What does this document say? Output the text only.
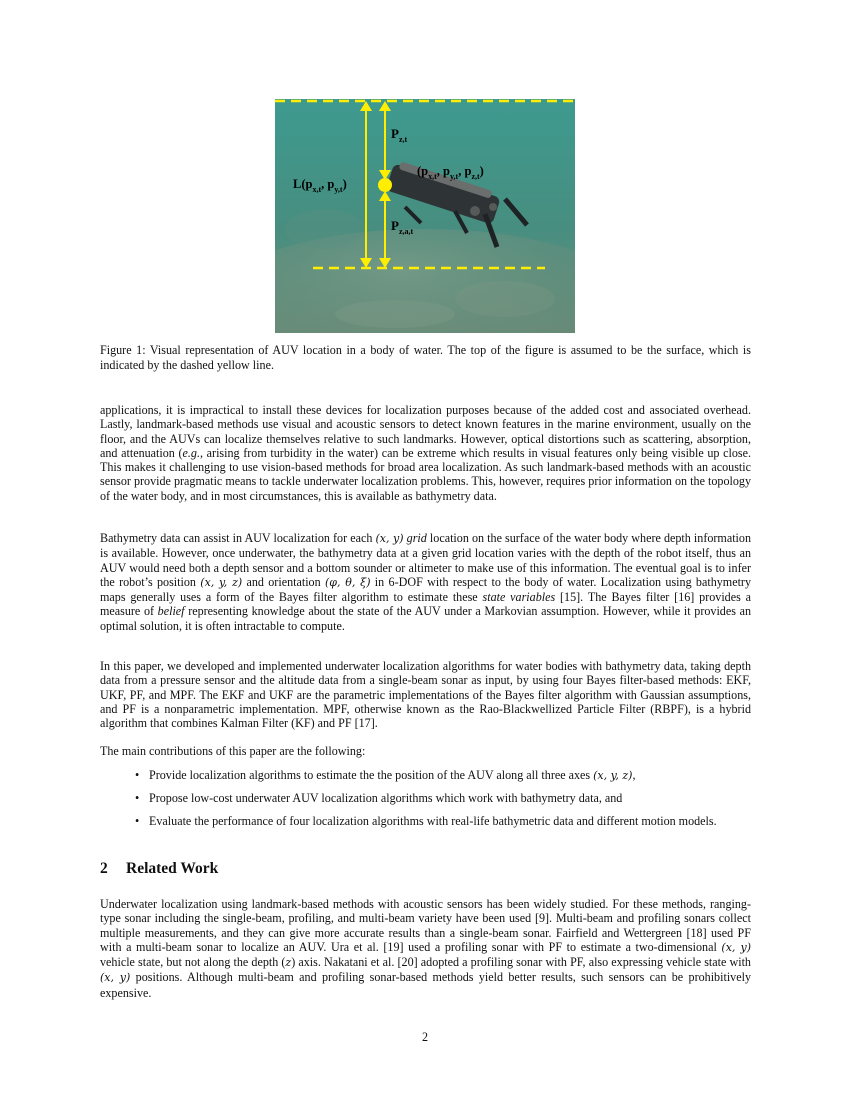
$P_{z,t}$
$L(p_{x,t}$, $p_{y,t}$)
($p_{x,t}$, $p_{y,t}$, $p_{z,t}$)
$P_{z,a,t}$
Figure 1: Visual representation of AUV location in a body of water. The top of the figure is assumed to be the surface, which is indicated by the dashed yellow line.

applications, it is impractical to install these devices for localization purposes because of the added cost and associated overhead. Lastly, landmark-based methods use visual and acoustic sensors to detect known features in the marine environment, usually on the floor, and the AUVs can localize themselves relative to such landmarks. However, optical distortions such as scattering, absorption, and attenuation (e.g., arising from turbidity in the water) can be extreme which results in visual features only being visible up close. This makes it challenging to use vision-based methods for broad area localization. As such landmark-based methods with an acoustic sensor provide pragmatic means to tackle underwater localization problems. This, however, requires prior information on the topology of the water body, and in most circumstances, this is available as bathymetry data.

Bathymetry data can assist in AUV localization for each (x, y) grid location on the surface of the water body where depth information is available. However, once underwater, the bathymetry data at a given grid location varies with the depth of the robot itself, thus an AUV would need both a depth sensor and a bottom sounder or altimeter to make use of this information. The eventual goal is to infer the robot’s position (x, y, z) and orientation (φ, θ, ξ) in 6-DOF with respect to the body of water. Localization using bathymetry maps generally uses a form of the Bayes filter algorithm to estimate these state variables [15]. The Bayes filter [16] provides a measure of belief representing knowledge about the state of the AUV under a Markovian assumption. However, while it provides an optimal solution, it is often intractable to compute.

In this paper, we developed and implemented underwater localization algorithms for water bodies with bathymetry data, taking depth data from a pressure sensor and the altitude data from a single-beam sonar as input, by using four Bayes filter-based methods: EKF, UKF, PF, and MPF. The EKF and UKF are the parametric implementations of the Bayes filter algorithm with Gaussian assumptions, and PF is a nonparametric implementation. MPF, otherwise known as the Rao-Blackwellized Particle Filter (RBPF), is a hybrid algorithm that combines Kalman Filter (KF) and PF [17].
The main contributions of this paper are the following:
• Provide localization algorithms to estimate the the position of the AUV along all three axes (x, y, z),
• Propose low-cost underwater AUV localization algorithms which work with bathymetry data, and
• Evaluate the performance of four localization algorithms with real-life bathymetric data and different motion models.
2 Related Work

Underwater localization using landmark-based methods with acoustic sensors has been widely studied. For these methods, ranging-type sonar including the single-beam, profiling, and multi-beam variety have been used [9]. Multi-beam and profiling sonars collect multiple measurements, and they can give more accurate results than a single-beam sonar. Fairfield and Wettergreen [18] used PF with a multi-beam sonar to localize an AUV. Ura et al. [19] used a profiling sonar with PF to estimate a two-dimensional (x, y) vehicle state, but not along the depth (z) axis. Nakatani et al. [20] adopted a profiling sonar with PF, also expressing vehicle state with (x, y) positions. Although multi-beam and profiling sonar-based methods yield better results, such sensors can be prohibitively expensive.

2
